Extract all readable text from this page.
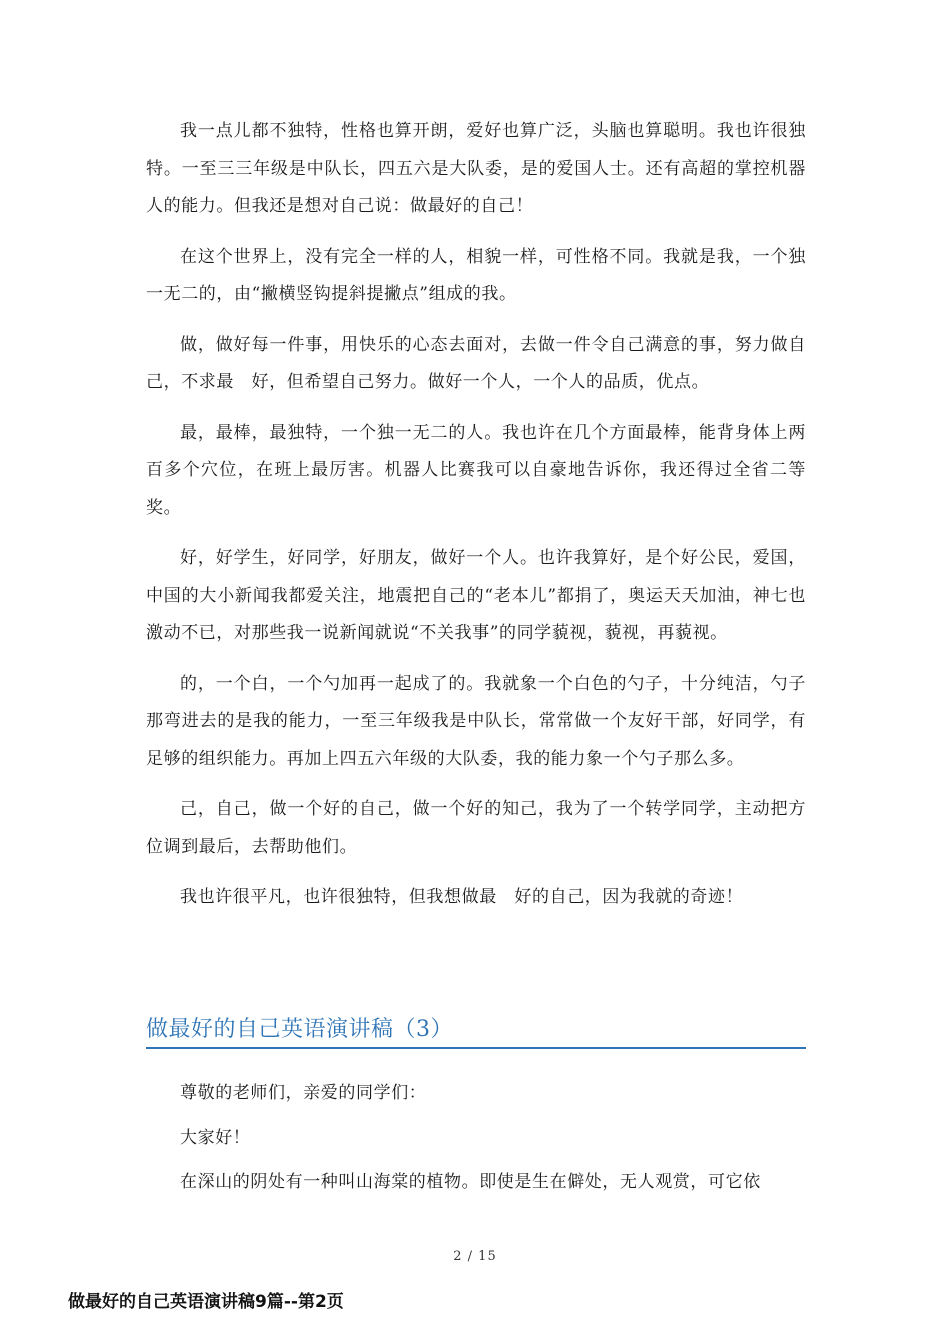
我一点儿都不独特，性格也算开朗，爱好也算广泛，头脑也算聪明。我也许很独特。一至三三年级是中队长，四五六是大队委，是的爱国人士。还有高超的掌控机器人的能力。但我还是想对自己说：做最好的自己！

在这个世界上，没有完全一样的人，相貌一样，可性格不同。我就是我，一个独一无二的，由“撇横竖钩提斜提撇点”组成的我。

做，做好每一件事，用快乐的心态去面对，去做一件令自己满意的事，努力做自己，不求最　好，但希望自己努力。做好一个人，一个人的品质，优点。

最，最棒，最独特，一个独一无二的人。我也许在几个方面最棒，能背身体上两百多个穴位，在班上最厉害。机器人比赛我可以自豪地告诉你，我还得过全省二等奖。

好，好学生，好同学，好朋友，做好一个人。也许我算好，是个好公民，爱国，中国的大小新闻我都爱关注，地震把自己的“老本儿”都捐了，奥运天天加油，神七也激动不已，对那些我一说新闻就说“不关我事”的同学藐视，藐视，再藐视。

的，一个白，一个勺加再一起成了的。我就象一个白色的勺子，十分纯洁，勺子那弯进去的是我的能力，一至三年级我是中队长，常常做一个友好干部，好同学，有足够的组织能力。再加上四五六年级的大队委，我的能力象一个勺子那么多。

己，自己，做一个好的自己，做一个好的知己，我为了一个转学同学，主动把方位调到最后，去帮助他们。

我也许很平凡，也许很独特，但我想做最　好的自己，因为我就的奇迹！

做最好的自己英语演讲稿（3）

尊敬的老师们，亲爱的同学们：

大家好！

在深山的阴处有一种叫山海棠的植物。即使是生在僻处，无人观赏，可它依

2 / 15
做最好的自己英语演讲稿9篇--第2页
